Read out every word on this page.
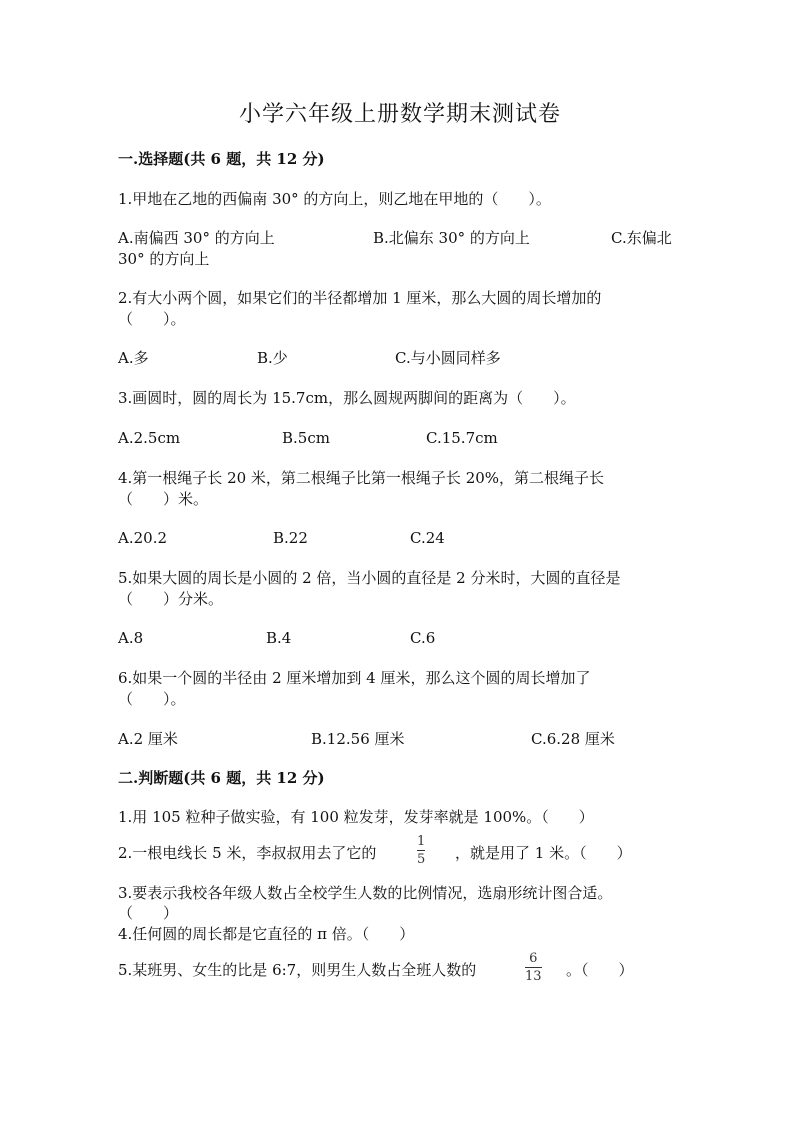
小学六年级上册数学期末测试卷
一.选择题(共 6 题，共 12 分)
1.甲地在乙地的西偏南 30° 的方向上，则乙地在甲地的（　　）。
A.南偏西 30° 的方向上	B.北偏东 30° 的方向上	C.东偏北
30° 的方向上
2.有大小两个圆，如果它们的半径都增加 1 厘米，那么大圆的周长增加的
（　　）。
A.多	B.少	C.与小圆同样多
3.画圆时，圆的周长为 15.7cm，那么圆规两脚间的距离为（　　）。
A.2.5cm	B.5cm	C.15.7cm
4.第一根绳子长 20 米，第二根绳子比第一根绳子长 20%，第二根绳子长
（　　）米。
A.20.2	B.22	C.24
5.如果大圆的周长是小圆的 2 倍，当小圆的直径是 2 分米时，大圆的直径是
（　　）分米。
A.8	B.4	C.6
6.如果一个圆的半径由 2 厘米增加到 4 厘米，那么这个圆的周长增加了
（　　）。
A.2 厘米	B.12.56 厘米	C.6.28 厘米
二.判断题(共 6 题，共 12 分)
1.用 105 粒种子做实验，有 100 粒发芽，发芽率就是 100%。（　　）
2.一根电线长 5 米，李叔叔用去了它的
1
5 ，就是用了 1 米。（　　）
3.要表示我校各年级人数占全校学生人数的比例情况，选扇形统计图合适。
（　　）
4.任何圆的周长都是它直径的 π 倍。（　　）
5.某班男、女生的比是 6:7，则男生人数占全班人数的
6
13 。（　　）
